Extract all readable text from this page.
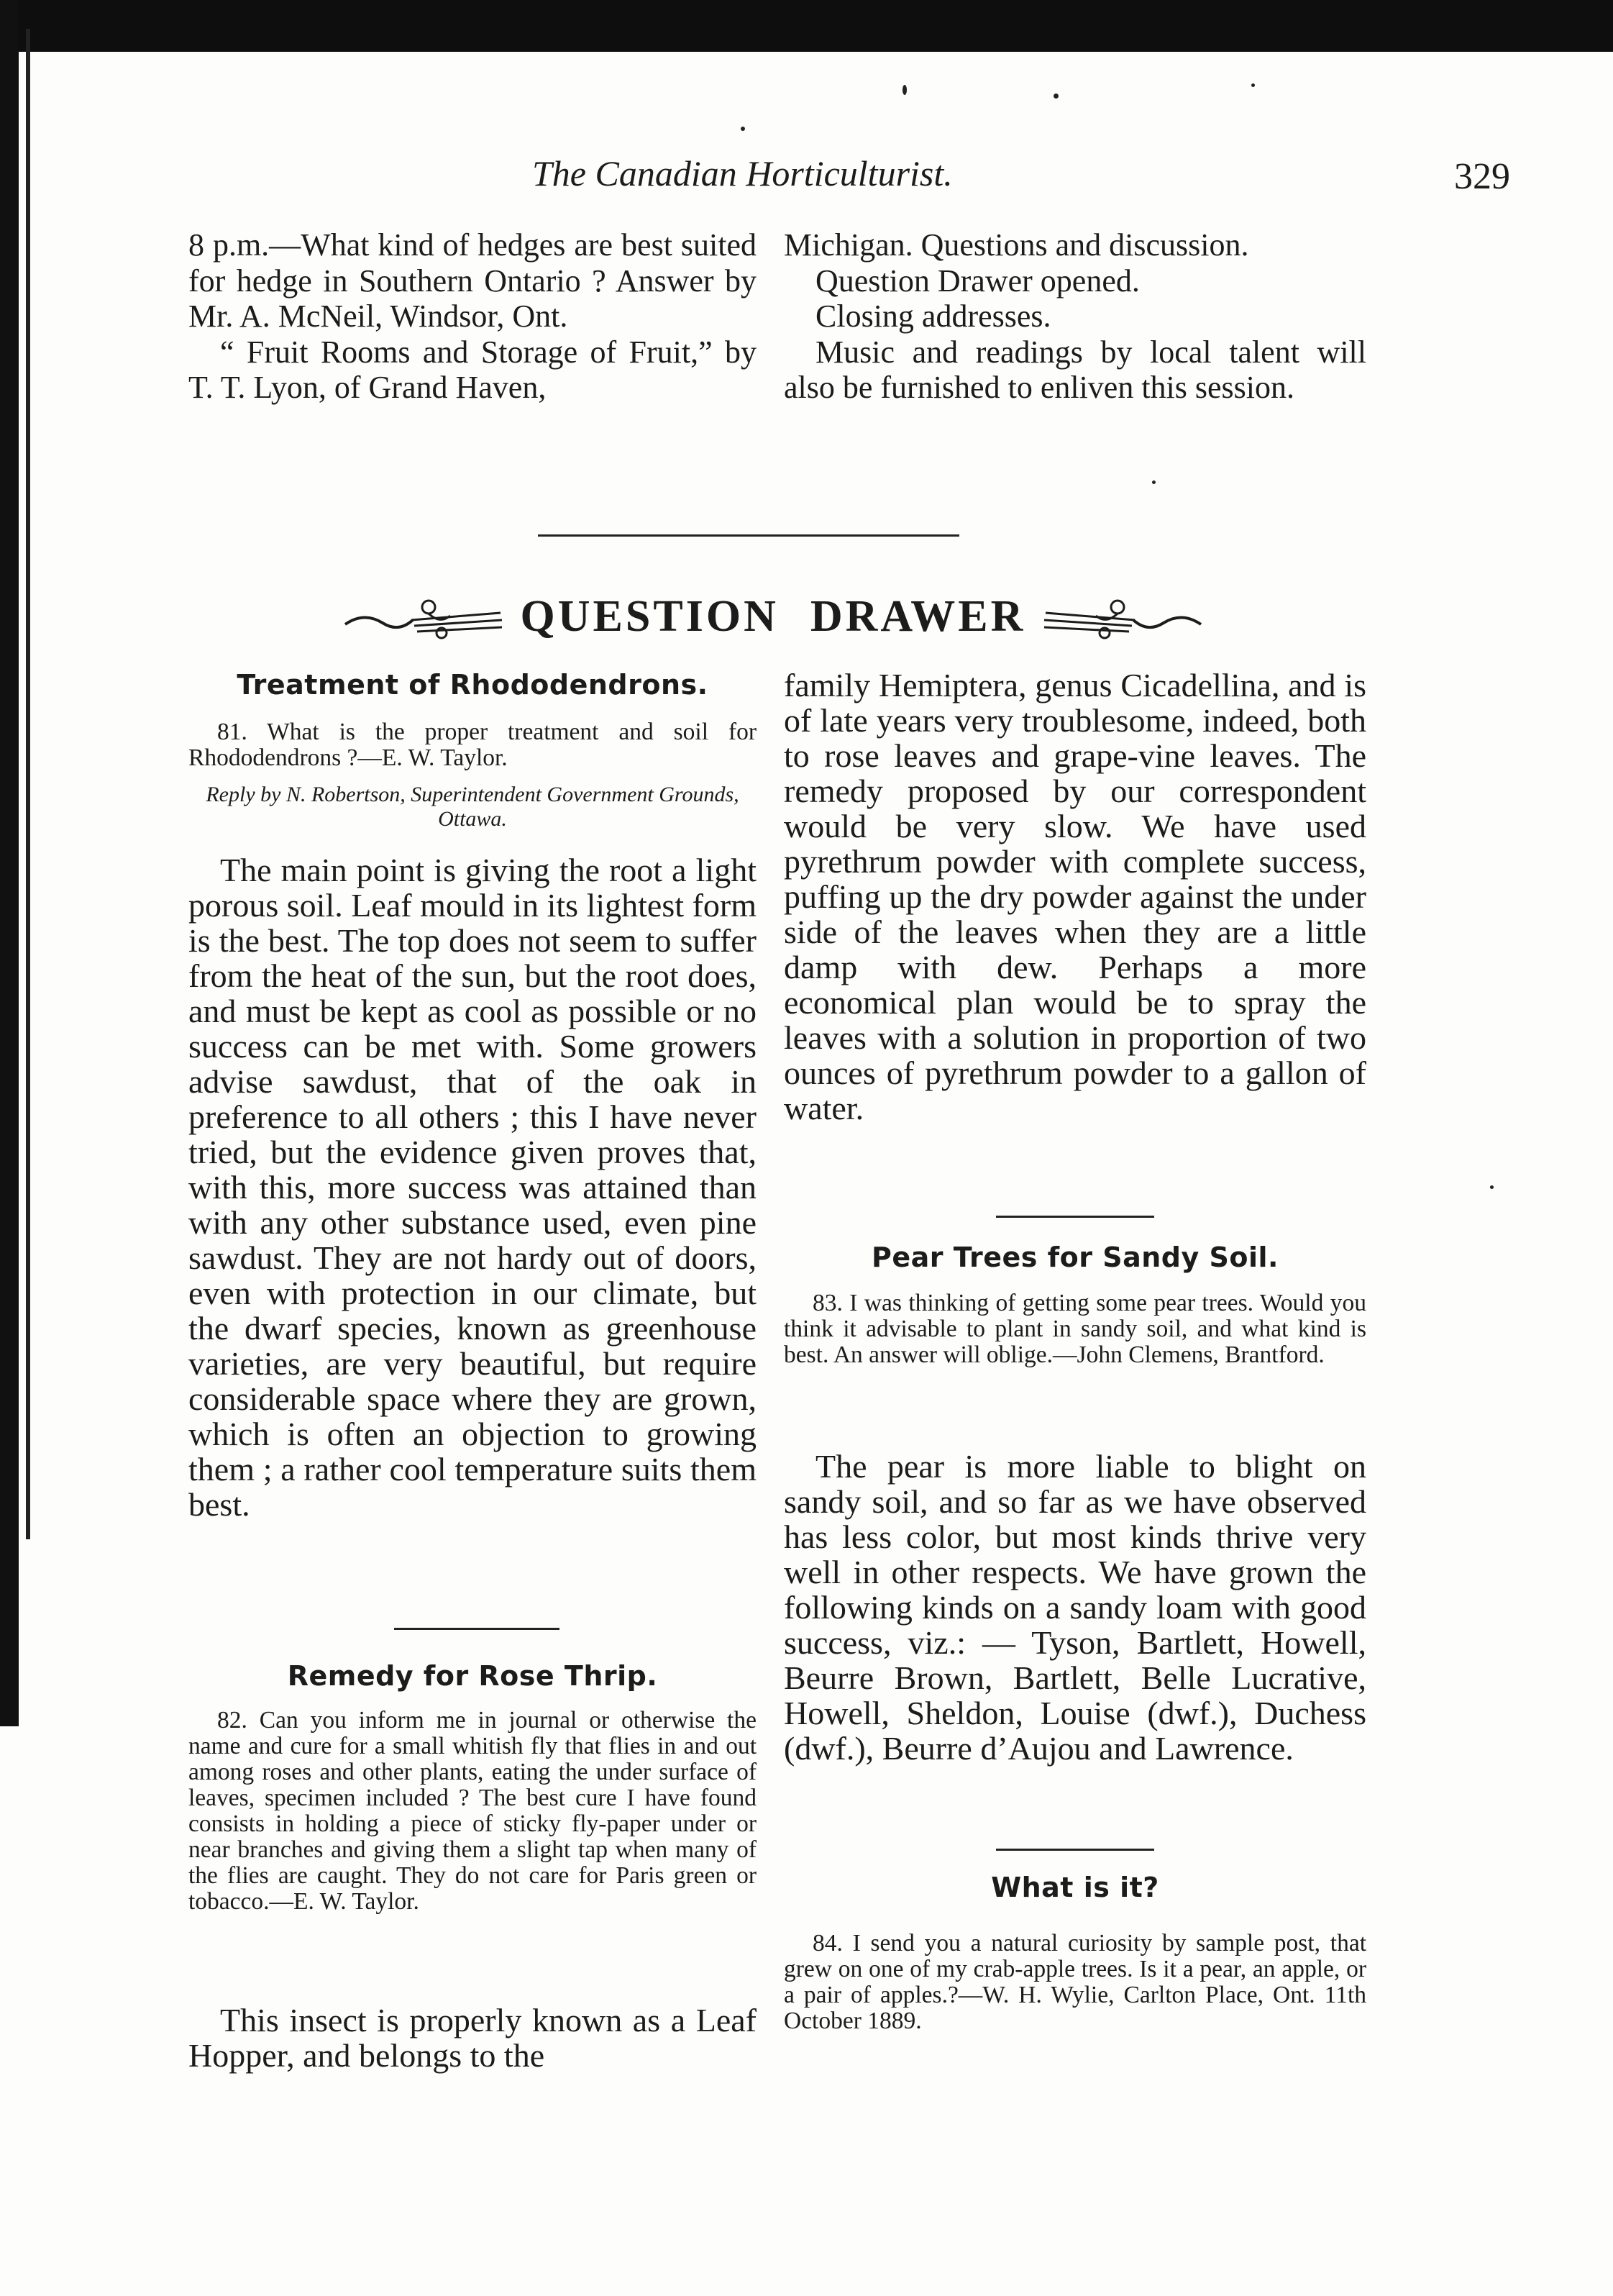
The Canadian Horticulturist.	329

8 p.m.—What kind of hedges are best suited for hedge in Southern Ontario ? Answer by Mr. A. McNeil, Windsor, Ont.

“ Fruit Rooms and Storage of Fruit,” by T. T. Lyon, of Grand Haven,

Michigan. Questions and discussion.

Question Drawer opened.

Closing addresses.

Music and readings by local talent will also be furnished to enliven this session.

QUESTION DRAWER
Treatment of Rhododendrons.

81. What is the proper treatment and soil for Rhododendrons ?—E. W. Taylor.

Reply by N. Robertson, Superintendent Government Grounds, Ottawa.

The main point is giving the root a light porous soil. Leaf mould in its lightest form is the best. The top does not seem to suffer from the heat of the sun, but the root does, and must be kept as cool as possible or no success can be met with. Some growers advise sawdust, that of the oak in preference to all others ; this I have never tried, but the evidence given proves that, with this, more success was attained than with any other substance used, even pine sawdust. They are not hardy out of doors, even with protection in our climate, but the dwarf species, known as greenhouse varieties, are very beautiful, but require considerable space where they are grown, which is often an objection to growing them ; a rather cool temperature suits them best.

Remedy for Rose Thrip.

82. Can you inform me in journal or otherwise the name and cure for a small whitish fly that flies in and out among roses and other plants, eating the under surface of leaves, specimen included ? The best cure I have found consists in holding a piece of sticky fly-paper under or near branches and giving them a slight tap when many of the flies are caught. They do not care for Paris green or tobacco.—E. W. Taylor.

This insect is properly known as a Leaf Hopper, and belongs to the

family Hemiptera, genus Cicadellina, and is of late years very troublesome, indeed, both to rose leaves and grape-vine leaves. The remedy proposed by our correspondent would be very slow. We have used pyrethrum powder with complete success, puffing up the dry powder against the under side of the leaves when they are a little damp with dew. Perhaps a more economical plan would be to spray the leaves with a solution in proportion of two ounces of pyrethrum powder to a gallon of water.

Pear Trees for Sandy Soil.

83. I was thinking of getting some pear trees. Would you think it advisable to plant in sandy soil, and what kind is best. An answer will oblige.—John Clemens, Brantford.

The pear is more liable to blight on sandy soil, and so far as we have observed has less color, but most kinds thrive very well in other respects. We have grown the following kinds on a sandy loam with good success, viz.: — Tyson, Bartlett, Howell, Beurre Brown, Bartlett, Belle Lucrative, Howell, Sheldon, Louise (dwf.), Duchess (dwf.), Beurre d’Aujou and Lawrence.

What is it?

84. I send you a natural curiosity by sample post, that grew on one of my crab-apple trees. Is it a pear, an apple, or a pair of apples.?—W. H. Wylie, Carlton Place, Ont. 11th October 1889.
